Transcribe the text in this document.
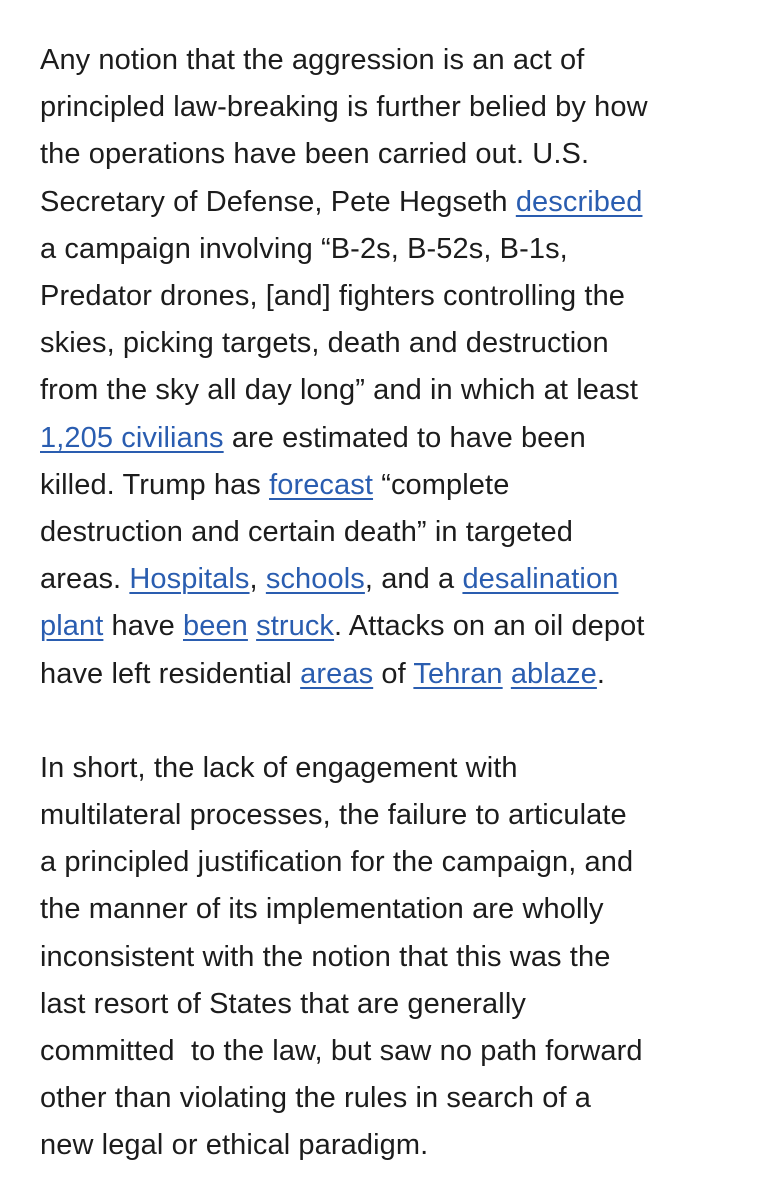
Any notion that the aggression is an act of
principled law-breaking is further belied by how
the operations have been carried out. U.S.
Secretary of Defense, Pete Hegseth described
a campaign involving “B-2s, B-52s, B-1s,
Predator drones, [and] fighters controlling the
skies, picking targets, death and destruction
from the sky all day long” and in which at least
1,205 civilians are estimated to have been
killed. Trump has forecast “complete
destruction and certain death” in targeted
areas. Hospitals, schools, and a desalination
plant have been struck. Attacks on an oil depot
have left residential areas of Tehran ablaze.

In short, the lack of engagement with
multilateral processes, the failure to articulate
a principled justification for the campaign, and
the manner of its implementation are wholly
inconsistent with the notion that this was the
last resort of States that are generally
committed  to the law, but saw no path forward
other than violating the rules in search of a
new legal or ethical paradigm.
